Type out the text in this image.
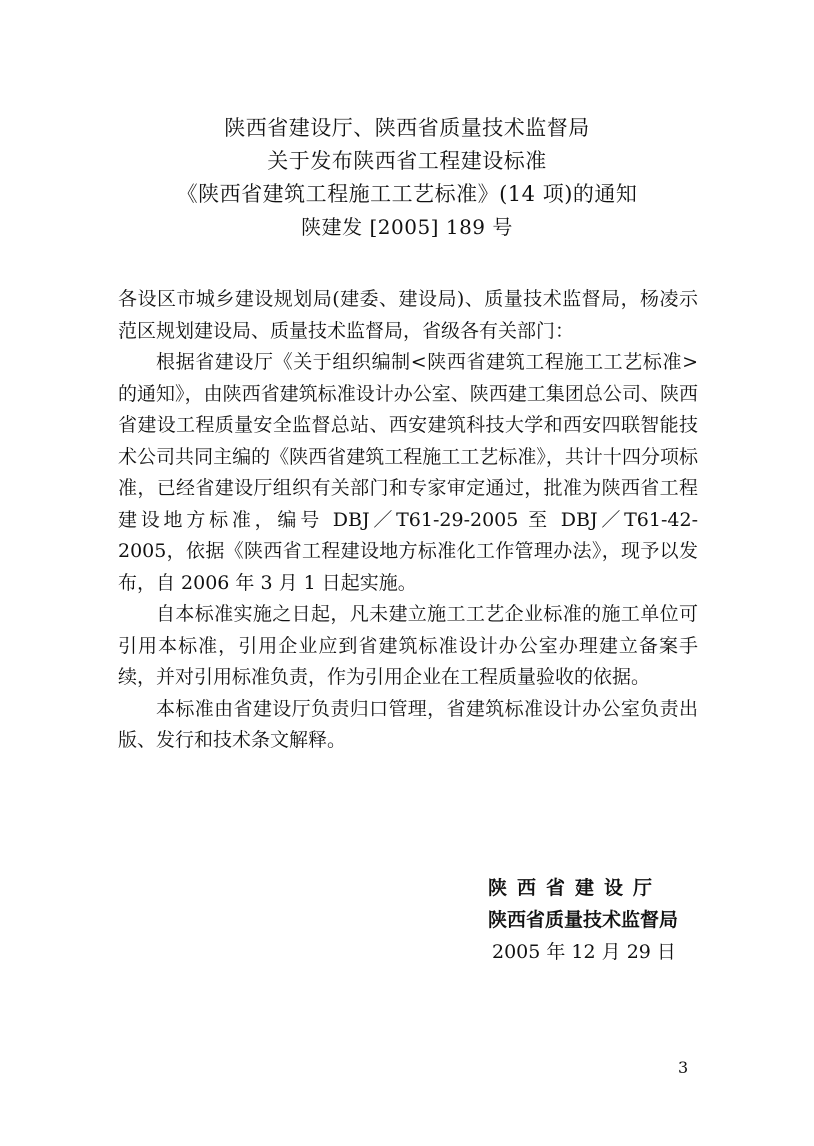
陕西省建设厅、陕西省质量技术监督局
关于发布陕西省工程建设标准
《陕西省建筑工程施工工艺标准》(14 项)的通知
陕建发 [2005] 189 号

各设区市城乡建设规划局(建委、建设局)、质量技术监督局，杨凌示范区规划建设局、质量技术监督局，省级各有关部门：

根据省建设厅《关于组织编制<陕西省建筑工程施工工艺标准>的通知》，由陕西省建筑标准设计办公室、陕西建工集团总公司、陕西省建设工程质量安全监督总站、西安建筑科技大学和西安四联智能技术公司共同主编的《陕西省建筑工程施工工艺标准》，共计十四分项标准，已经省建设厅组织有关部门和专家审定通过，批准为陕西省工程建设地方标准，编号 DBJ／T61-29-2005 至 DBJ／T61-42-2005，依据《陕西省工程建设地方标准化工作管理办法》，现予以发布，自 2006 年 3 月 1 日起实施。

自本标准实施之日起，凡未建立施工工艺企业标准的施工单位可引用本标准，引用企业应到省建筑标准设计办公室办理建立备案手续，并对引用标准负责，作为引用企业在工程质量验收的依据。

本标准由省建设厅负责归口管理，省建筑标准设计办公室负责出版、发行和技术条文解释。

陕西省建设厅
陕西省质量技术监督局
2005 年 12 月 29 日
3
